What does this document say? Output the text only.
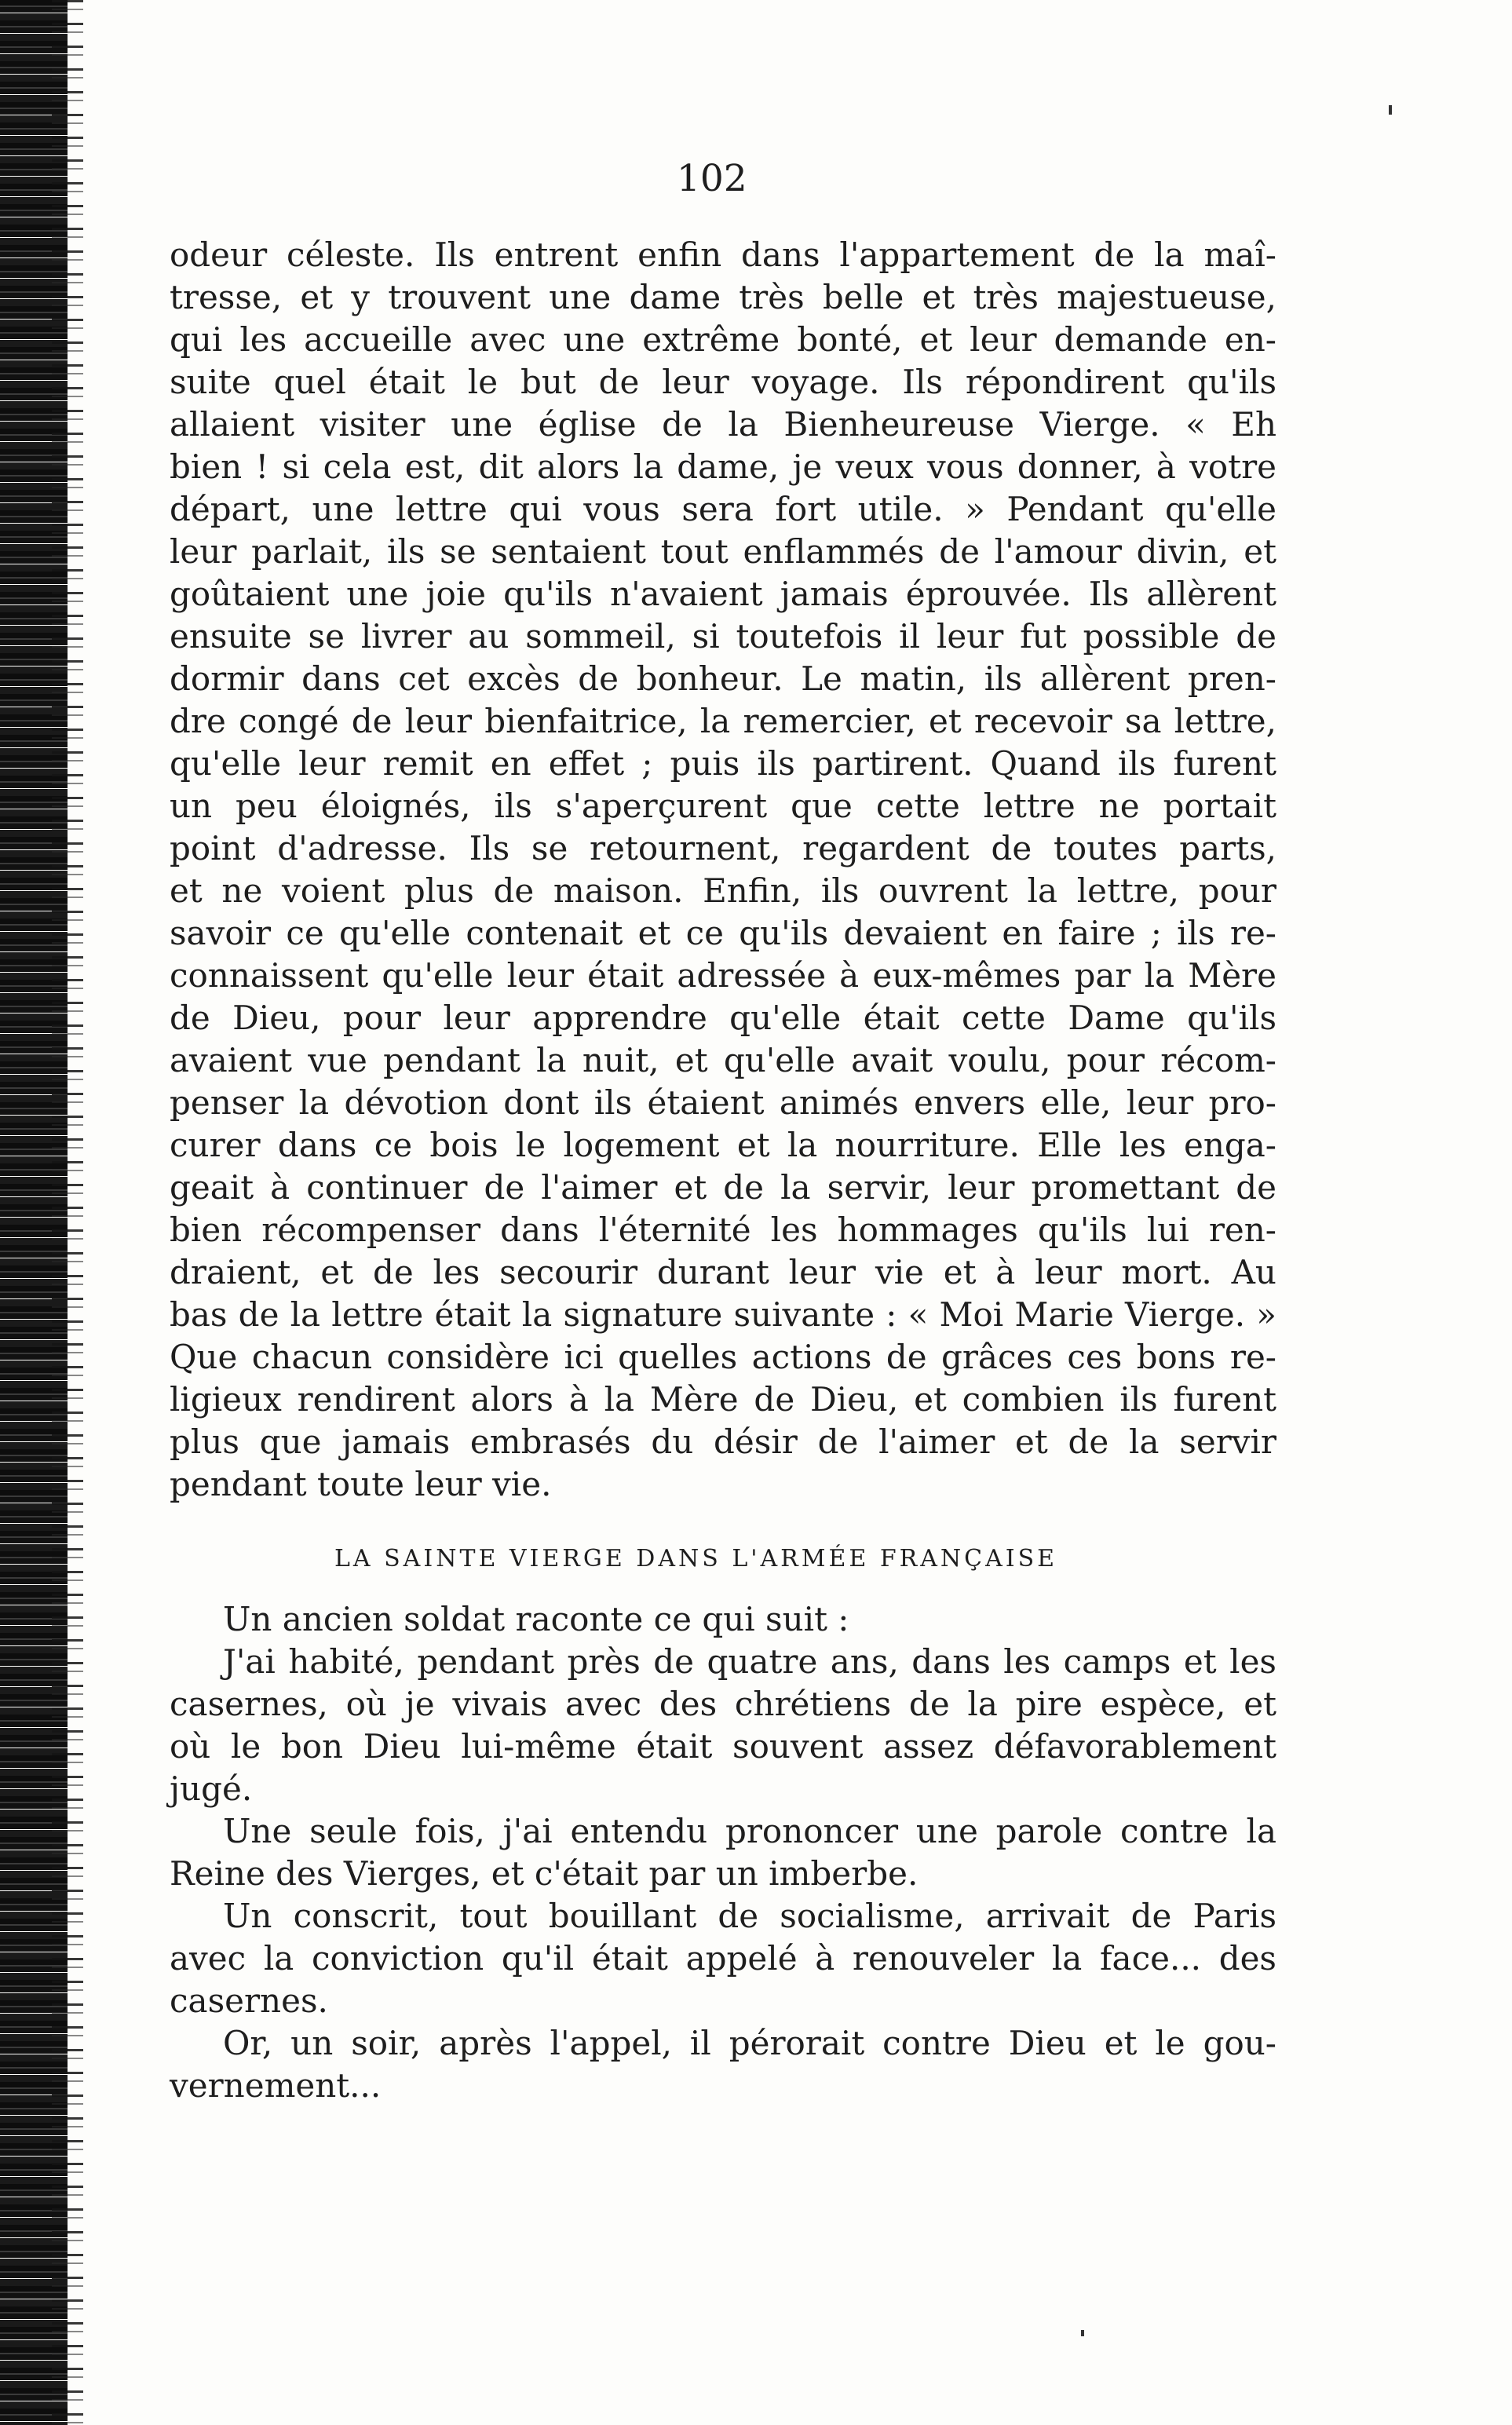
102
odeur céleste. Ils entrent enfin dans l'appartement de la maî-
tresse, et y trouvent une dame très belle et très majestueuse,
qui les accueille avec une extrême bonté, et leur demande en-
suite quel était le but de leur voyage. Ils répondirent qu'ils
allaient visiter une église de la Bienheureuse Vierge. « Eh
bien ! si cela est, dit alors la dame, je veux vous donner, à votre
départ, une lettre qui vous sera fort utile. » Pendant qu'elle
leur parlait, ils se sentaient tout enflammés de l'amour divin, et
goûtaient une joie qu'ils n'avaient jamais éprouvée. Ils allèrent
ensuite se livrer au sommeil, si toutefois il leur fut possible de
dormir dans cet excès de bonheur. Le matin, ils allèrent pren-
dre congé de leur bienfaitrice, la remercier, et recevoir sa lettre,
qu'elle leur remit en effet ; puis ils partirent. Quand ils furent
un peu éloignés, ils s'aperçurent que cette lettre ne portait
point d'adresse. Ils se retournent, regardent de toutes parts,
et ne voient plus de maison. Enfin, ils ouvrent la lettre, pour
savoir ce qu'elle contenait et ce qu'ils devaient en faire ; ils re-
connaissent qu'elle leur était adressée à eux-mêmes par la Mère
de Dieu, pour leur apprendre qu'elle était cette Dame qu'ils
avaient vue pendant la nuit, et qu'elle avait voulu, pour récom-
penser la dévotion dont ils étaient animés envers elle, leur pro-
curer dans ce bois le logement et la nourriture. Elle les enga-
geait à continuer de l'aimer et de la servir, leur promettant de
bien récompenser dans l'éternité les hommages qu'ils lui ren-
draient, et de les secourir durant leur vie et à leur mort. Au
bas de la lettre était la signature suivante : « Moi Marie Vierge. »
Que chacun considère ici quelles actions de grâces ces bons re-
ligieux rendirent alors à la Mère de Dieu, et combien ils furent
plus que jamais embrasés du désir de l'aimer et de la servir
pendant toute leur vie.
LA SAINTE VIERGE DANS L'ARMÉE FRANÇAISE
Un ancien soldat raconte ce qui suit :
J'ai habité, pendant près de quatre ans, dans les camps et les
casernes, où je vivais avec des chrétiens de la pire espèce, et
où le bon Dieu lui-même était souvent assez défavorablement
jugé.
Une seule fois, j'ai entendu prononcer une parole contre la
Reine des Vierges, et c'était par un imberbe.
Un conscrit, tout bouillant de socialisme, arrivait de Paris
avec la conviction qu'il était appelé à renouveler la face... des
casernes.
Or, un soir, après l'appel, il pérorait contre Dieu et le gou-
vernement...
